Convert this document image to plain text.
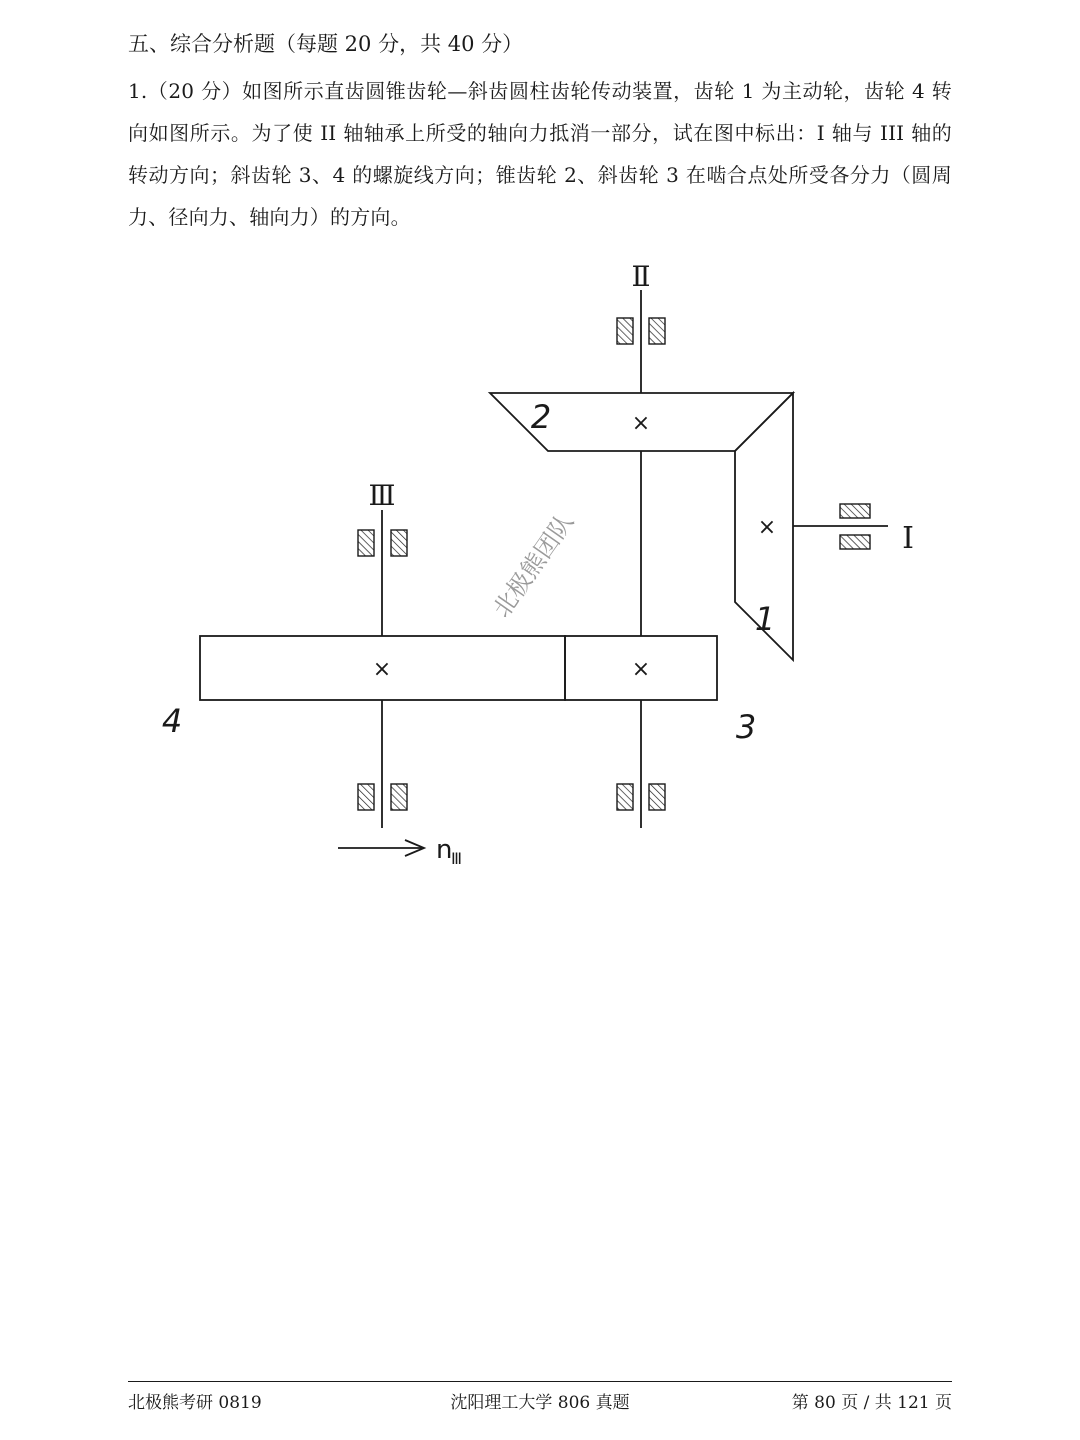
五、综合分析题（每题 20 分，共 40 分）

1.（20 分）如图所示直齿圆锥齿轮—斜齿圆柱齿轮传动装置，齿轮 1 为主动轮，齿轮 4 转向如图所示。为了使 II 轴轴承上所受的轴向力抵消一部分，试在图中标出：I 轴与 III 轴的转动方向；斜齿轮 3、4 的螺旋线方向；锥齿轮 2、斜齿轮 3 在啮合点处所受各分力（圆周力、径向力、轴向力）的方向。

×
×
×	×
Ⅱ
Ⅲ
I
2
1
4	3
n
Ⅲ
北极熊团队
北极熊考研 0819	沈阳理工大学 806 真题	第 80 页 / 共 121 页
